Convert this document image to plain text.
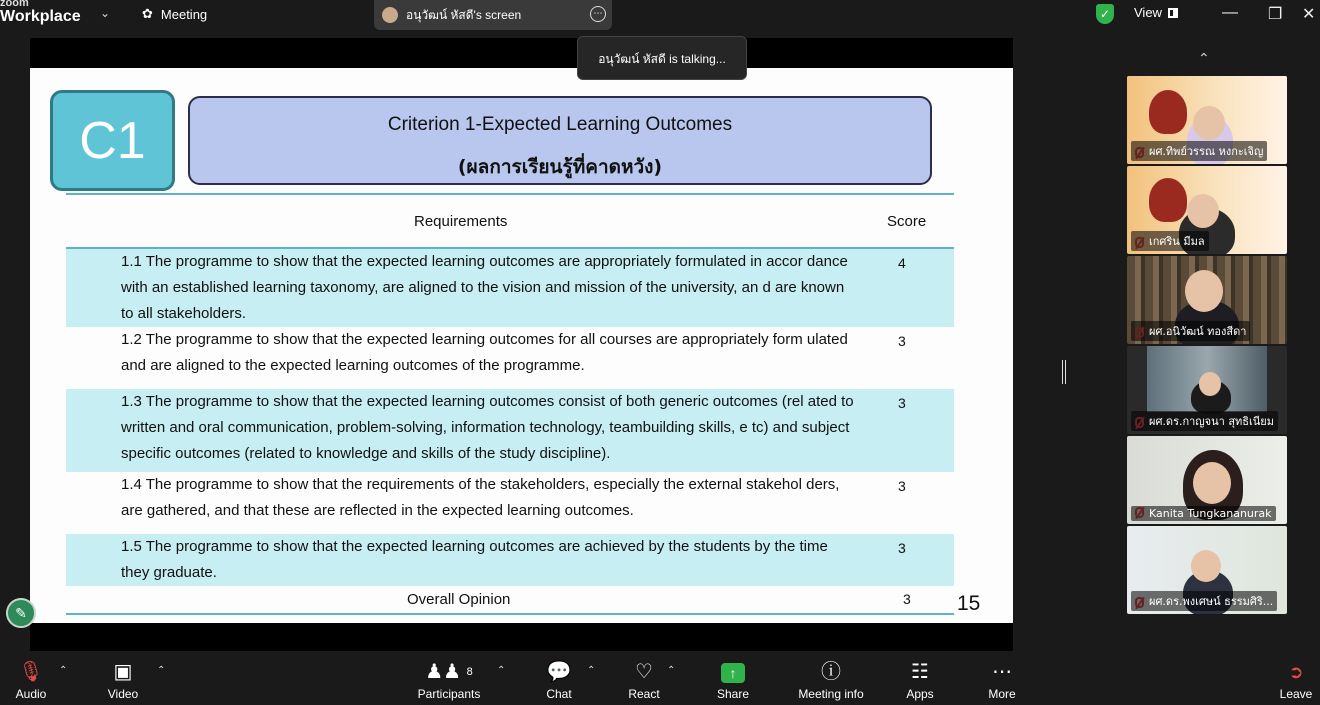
zoom
Workplace ⌄ ✿ Meeting	อนุวัฒน์ หัสดี's screen	⋯	✓	View	— ❐ ✕
C1	Criterion 1-Expected Learning Outcomes
(ผลการเรียนรู้ที่คาดหวัง)
Requirements	Score
1.1 The programme to show that the expected learning outcomes are appropriately formulated in accor dance with an established learning taxonomy, are aligned to the vision and mission of the university, an d are known to all stakeholders.
4
1.2 The programme to show that the expected learning outcomes for all courses are appropriately form ulated and are aligned to the expected learning outcomes of the programme.
3
1.3 The programme to show that the expected learning outcomes consist of both generic outcomes (rel ated to written and oral communication, problem-solving, information technology, teambuilding skills, e tc) and subject specific outcomes (related to knowledge and skills of the study discipline).
3
1.4 The programme to show that the requirements of the stakeholders, especially the external stakehol ders, are gathered, and that these are reflected in the expected learning outcomes.
3
1.5 The programme to show that the expected learning outcomes are achieved by the students by the time they graduate.
3
Overall Opinion	3 15
✎
⌃
ผศ.ทิพย์วรรณ หงกะเจิญ
เกศริน มีมล
ผศ.อนิวัฒน์ ทองสีดา
ผศ.ดร.กาญจนา สุทธิเนียม
Kanita Tungkananurak
ผศ.ดร.พงเศษน์ ธรรมศิริ...
🎙
Audio
⌃	▣
Video
⌃	♟♟ $^8$
Participants
⌃	💬
Chat
⌃	♡
React
⌃	↑
Share
ⓘ
Meeting info
☷
Apps
⋯
More
➲
Leave
อนุวัฒน์ หัสดี is talking...
